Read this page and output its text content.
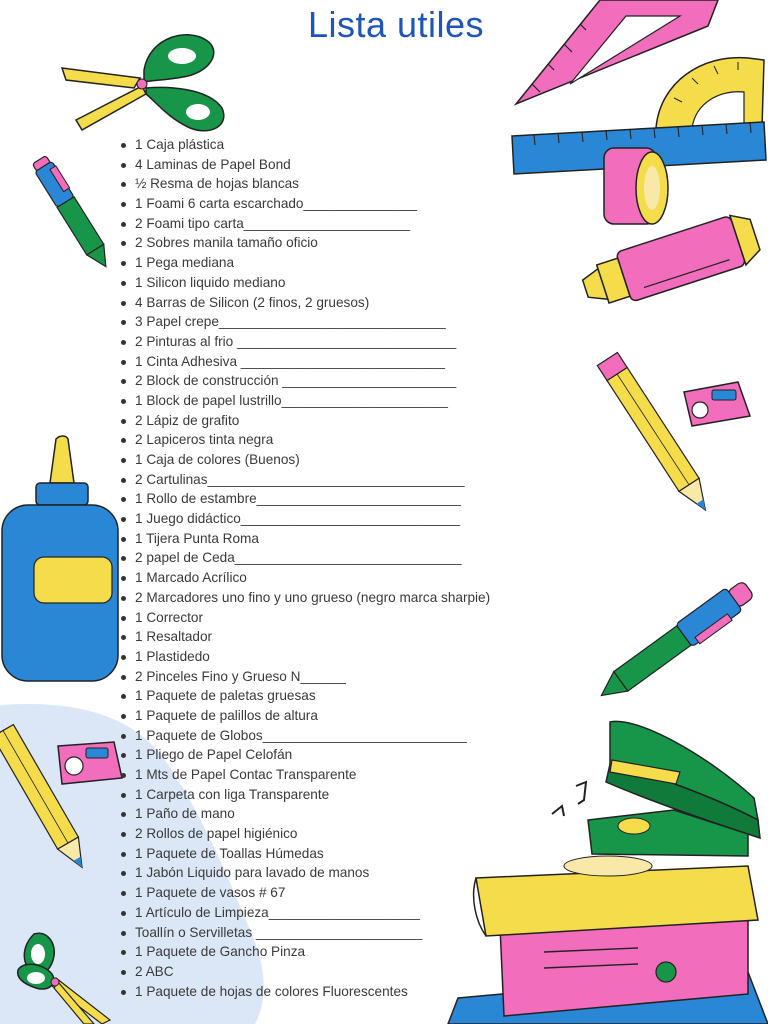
Lista utiles
1 Caja plástica
4 Laminas de Papel Bond
½ Resma de hojas blancas
1 Foami 6 carta escarchado_______________
2 Foami tipo carta______________________
2 Sobres manila tamaño oficio
1 Pega mediana
1 Silicon liquido mediano
4 Barras de Silicon (2 finos, 2 gruesos)
3 Papel crepe______________________________
2 Pinturas al frio _____________________________
1 Cinta Adhesiva ___________________________
2 Block de construcción _______________________
1 Block de papel lustrillo______________________
2 Lápiz de grafito
2 Lapiceros tinta negra
1 Caja de colores (Buenos)
2 Cartulinas__________________________________
1 Rollo de estambre___________________________
1 Juego didáctico_____________________________
1 Tijera Punta Roma
2 papel de Ceda______________________________
1 Marcado Acrílico
2 Marcadores uno fino y uno grueso (negro marca sharpie)
1 Corrector
1 Resaltador
1 Plastidedo
2 Pinceles Fino y Grueso N______
1 Paquete de paletas gruesas
1 Paquete de palillos de altura
1 Paquete de Globos___________________________
1 Pliego de Papel Celofán
1 Mts de Papel Contac Transparente
1 Carpeta con liga Transparente
1 Paño de mano
2 Rollos de papel higiénico
1 Paquete de Toallas Húmedas
1 Jabón Liquido para lavado de manos
1 Paquete de vasos # 67
1 Artículo de Limpieza____________________
Toallín o Servilletas ______________________
1 Paquete de Gancho Pinza
2 ABC
1 Paquete de hojas de colores Fluorescentes
